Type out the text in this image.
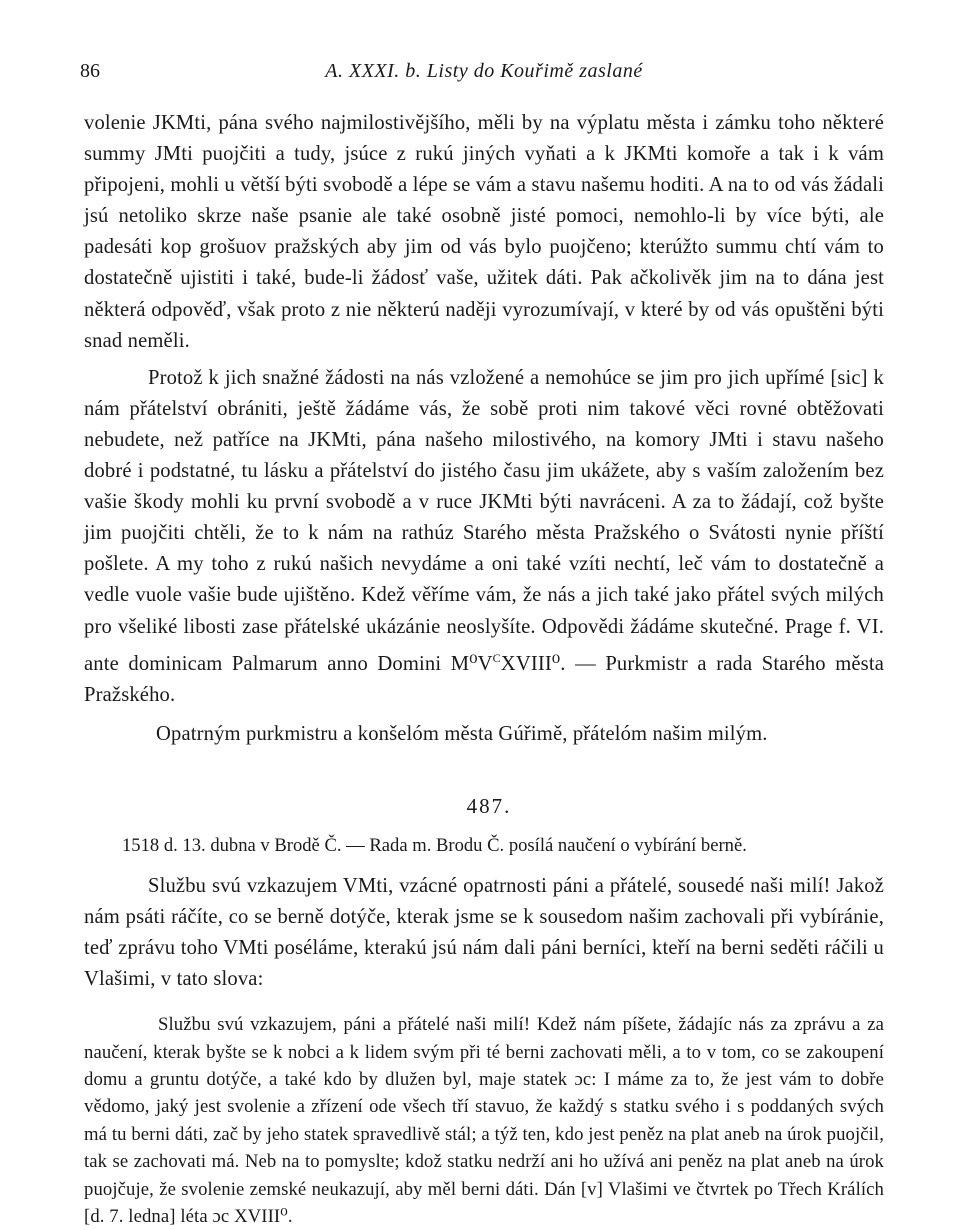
86	A. XXXI. b. Listy do Kouřimě zaslané

volenie JKMti, pána svého najmilostivějšího, měli by na výplatu města i zámku toho některé summy JMti puojčiti a tudy, jsúce z rukú jiných vyňati a k JKMti komoře a tak i k vám připojeni, mohli u větší býti svobodě a lépe se vám a stavu našemu hoditi. A na to od vás žádali jsú netoliko skrze naše psanie ale také osobně jisté pomoci, nemohlo-li by více býti, ale padesáti kop grošuov pražských aby jim od vás bylo puojčeno; kterúžto summu chtí vám to dostatečně ujistiti i také, bude-li žádosť vaše, užitek dáti. Pak ačkolivěk jim na to dána jest některá odpověď, však proto z nie některú naději vyrozumívají, v které by od vás opuštěni býti snad neměli.

Protož k jich snažné žádosti na nás vzložené a nemohúce se jim pro jich upřímé [sic] k nám přátelství obrániti, ještě žádáme vás, že sobě proti nim takové věci rovné obtěžovati nebudete, než patříce na JKMti, pána našeho milostivého, na komory JMti i stavu našeho dobré i podstatné, tu lásku a přátelství do jistého času jim ukážete, aby s vaším založením bez vašie škody mohli ku první svobodě a v ruce JKMti býti navráceni. A za to žádají, což byšte jim puojčiti chtěli, že to k nám na rathúz Starého města Pražského o Svátosti nynie příští pošlete. A my toho z rukú našich nevydáme a oni také vzíti nechtí, leč vám to dostatečně a vedle vuole vašie bude ujištěno. Kdež věříme vám, že nás a jich také jako přátel svých milých pro všeliké libosti zase přátelské ukázánie neoslyšíte. Odpovědi žádáme skutečné. Prage f. VI. ante dominicam Palmarum anno Domini $M^0V^CXVIII^0$. — Purkmistr a rada Starého města Pražského.

Opatrným purkmistru a konšelóm města Gúřimě, přátelóm našim milým.

487.

1518 d. 13. dubna v Brodě Č. — Rada m. Brodu Č. posílá naučení o vybírání berně.

Službu svú vzkazujem VMti, vzácné opatrnosti páni a přátelé, sousedé naši milí! Jakož nám psáti ráčíte, co se berně dotýče, kterak jsme se k sousedom našim zachovali při vybíránie, teď zprávu toho VMti poséláme, kterakú jsú nám dali páni berníci, kteří na berni seděti ráčili u Vlašimi, v tato slova:

Službu svú vzkazujem, páni a přátelé naši milí! Kdež nám píšete, žádajíc nás za zprávu a za naučení, kterak byšte se k nobci a k lidem svým při té berni zachovati měli, a to v tom, co se zakoupení domu a gruntu dotýče, a také kdo by dlužen byl, maje statek ɔc: I máme za to, že jest vám to dobře vědomo, jaký jest svolenie a zřízení ode všech tří stavuo, že každý s statku svého i s poddaných svých má tu berni dáti, zač by jeho statek spravedlivě stál; a týž ten, kdo jest peněz na plat aneb na úrok puojčil, tak se zachovati má. Neb na to pomyslte; kdož statku nedrží ani ho užívá ani peněz na plat aneb na úrok puojčuje, že svolenie zemské neukazují, aby měl berni dáti. Dán [v] Vlašimi ve čtvrtek po Třech Králích [d. 7. ledna] léta ɔc XVIII⁰.
